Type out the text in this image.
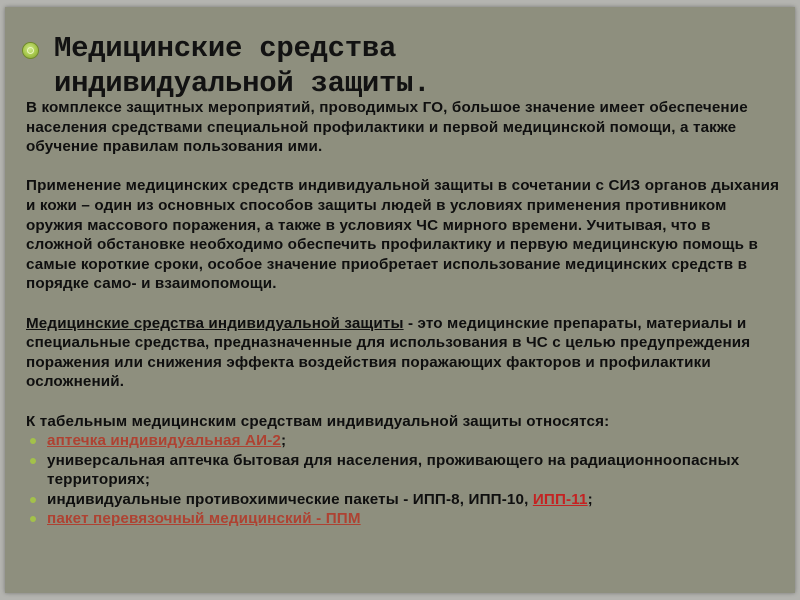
Медицинские средства
индивидуальной защиты.

В комплексе защитных мероприятий, проводимых ГО, большое значение имеет обеспечение населения средствами специальной профилактики и первой медицинской помощи, а также обучение правилам пользования ими.

Применение медицинских средств индивидуальной защиты в сочетании с СИЗ органов дыхания и кожи – один из основных способов защиты людей в условиях применения противником оружия массового поражения, а также в условиях ЧС мирного времени. Учитывая, что в сложной обстановке необходимо обеспечить профилактику и первую медицинскую помощь в самые короткие сроки, особое значение приобретает использование медицинских средств в порядке само- и взаимопомощи.

Медицинские средства индивидуальной защиты - это медицинские препараты, материалы и специальные средства, предназначенные для использования в ЧС с целью предупреждения поражения или снижения эффекта воздействия поражающих факторов и профилактики осложнений.

К табельным медицинским средствам индивидуальной защиты относятся:

аптечка индивидуальная АИ-2;
универсальная аптечка бытовая для населения, проживающего на радиационноопасных территориях;
индивидуальные противохимические пакеты - ИПП-8, ИПП-10, ИПП-11;
пакет перевязочный медицинский - ППМ
